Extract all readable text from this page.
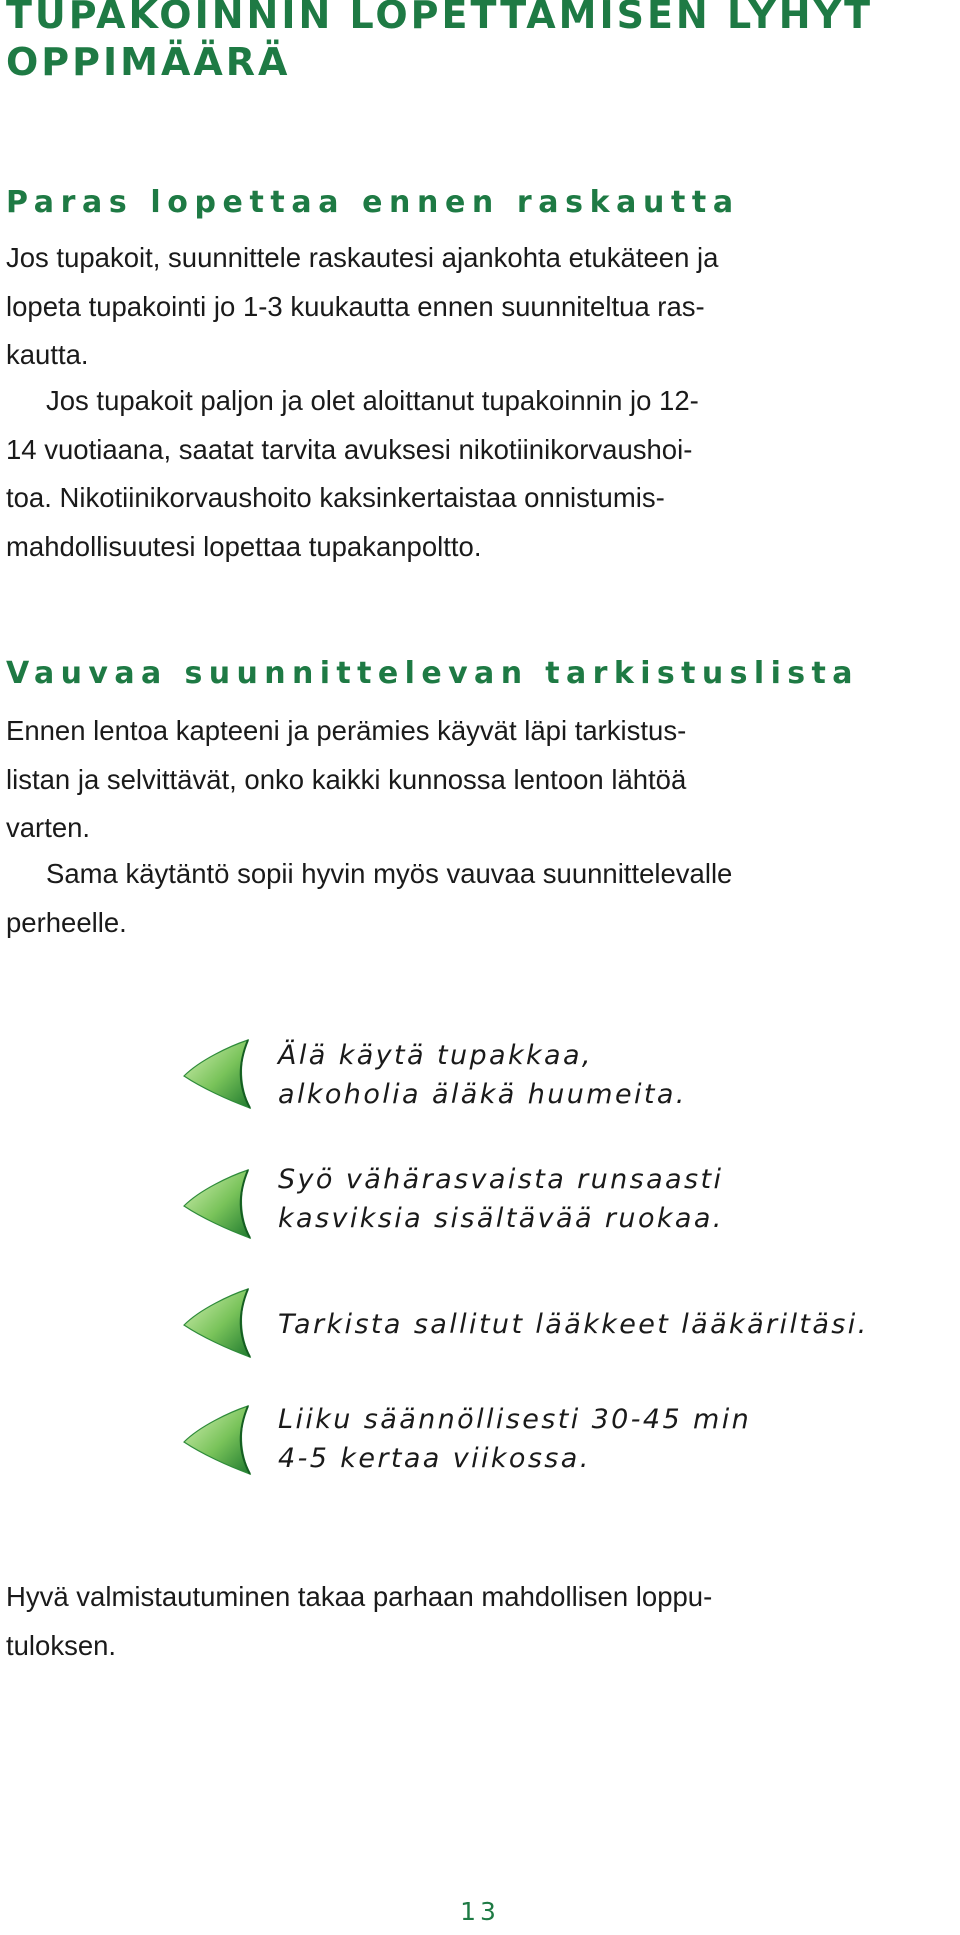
TUPAKOINNIN LOPETTAMISEN LYHYT
OPPIMÄÄRÄ
Paras lopettaa ennen raskautta

Jos tupakoit, suunnittele raskautesi ajankohta etukäteen ja
lopeta tupakointi jo 1-3 kuukautta ennen suunniteltua ras-
kautta.

Jos tupakoit paljon ja olet aloittanut tupakoinnin jo 12-
14 vuotiaana, saatat tarvita avuksesi nikotiinikorvaushoi-
toa. Nikotiinikorvaushoito kaksinkertaistaa onnistumis-
mahdollisuutesi lopettaa tupakanpoltto.

Vauvaa suunnittelevan tarkistuslista

Ennen lentoa kapteeni ja perämies käyvät läpi tarkistus-
listan ja selvittävät, onko kaikki kunnossa lentoon lähtöä
varten.

Sama käytäntö sopii hyvin myös vauvaa suunnittelevalle
perheelle.

Älä käytä tupakkaa,
alkoholia äläkä huumeita.

Syö vähärasvaista runsaasti
kasviksia sisältävää ruokaa.

Tarkista sallitut lääkkeet lääkäriltäsi.

Liiku säännöllisesti 30-45 min
4-5 kertaa viikossa.

Hyvä valmistautuminen takaa parhaan mahdollisen loppu-
tuloksen.

13
